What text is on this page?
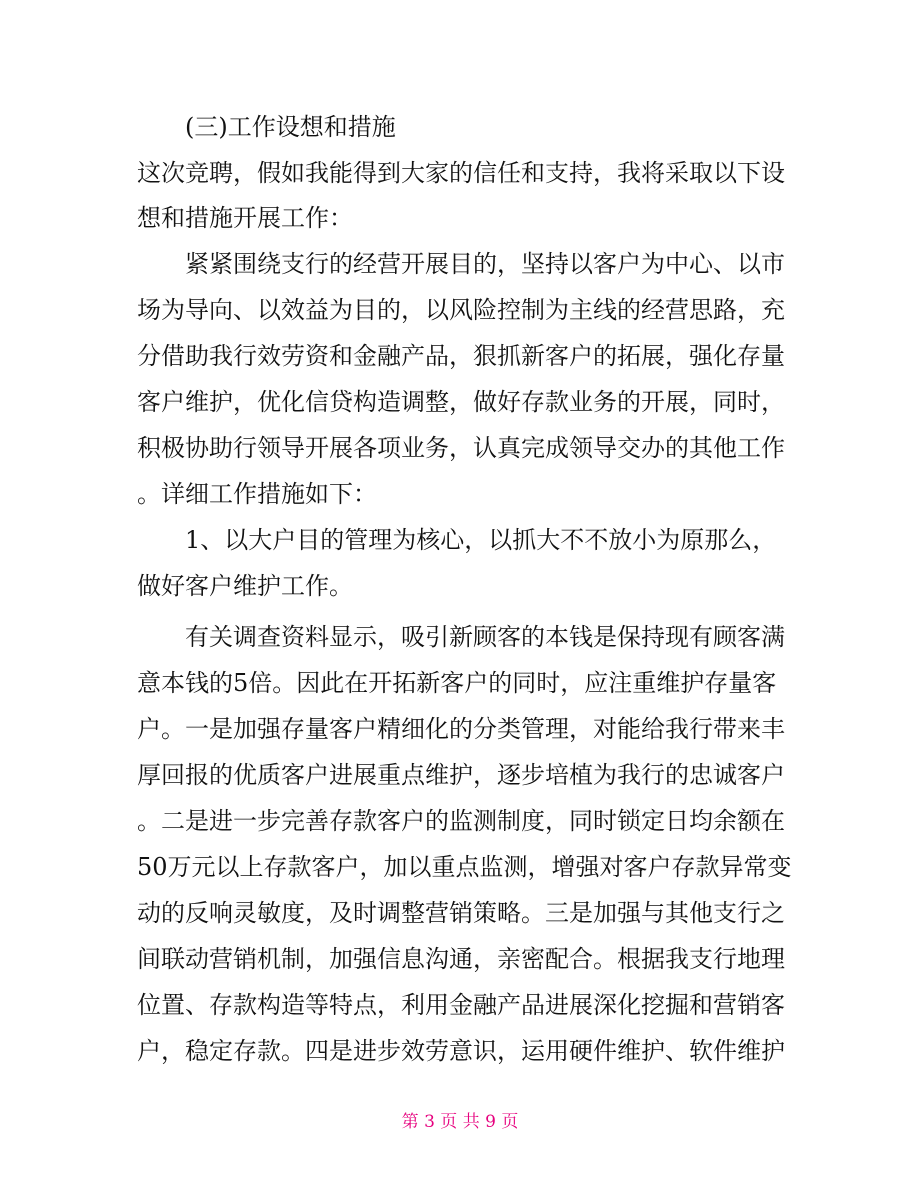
　　(三)工作设想和措施
这次竞聘，假如我能得到大家的信任和支持，我将采取以下设
想和措施开展工作：
　　紧紧围绕支行的经营开展目的，坚持以客户为中心、以市
场为导向、以效益为目的，以风险控制为主线的经营思路，充
分借助我行效劳资和金融产品，狠抓新客户的拓展，强化存量
客户维护，优化信贷构造调整，做好存款业务的开展，同时，
积极协助行领导开展各项业务，认真完成领导交办的其他工作
。详细工作措施如下：
　　1、以大户目的管理为核心，以抓大不不放小为原那么，
做好客户维护工作。
　　有关调查资料显示，吸引新顾客的本钱是保持现有顾客满
意本钱的5倍。因此在开拓新客户的同时，应注重维护存量客
户。一是加强存量客户精细化的分类管理，对能给我行带来丰
厚回报的优质客户进展重点维护，逐步培植为我行的忠诚客户
。二是进一步完善存款客户的监测制度，同时锁定日均余额在
50万元以上存款客户，加以重点监测，增强对客户存款异常变
动的反响灵敏度，及时调整营销策略。三是加强与其他支行之
间联动营销机制，加强信息沟通，亲密配合。根据我支行地理
位置、存款构造等特点，利用金融产品进展深化挖掘和营销客
户，稳定存款。四是进步效劳意识，运用硬件维护、软件维护
第 3 页 共 9 页
